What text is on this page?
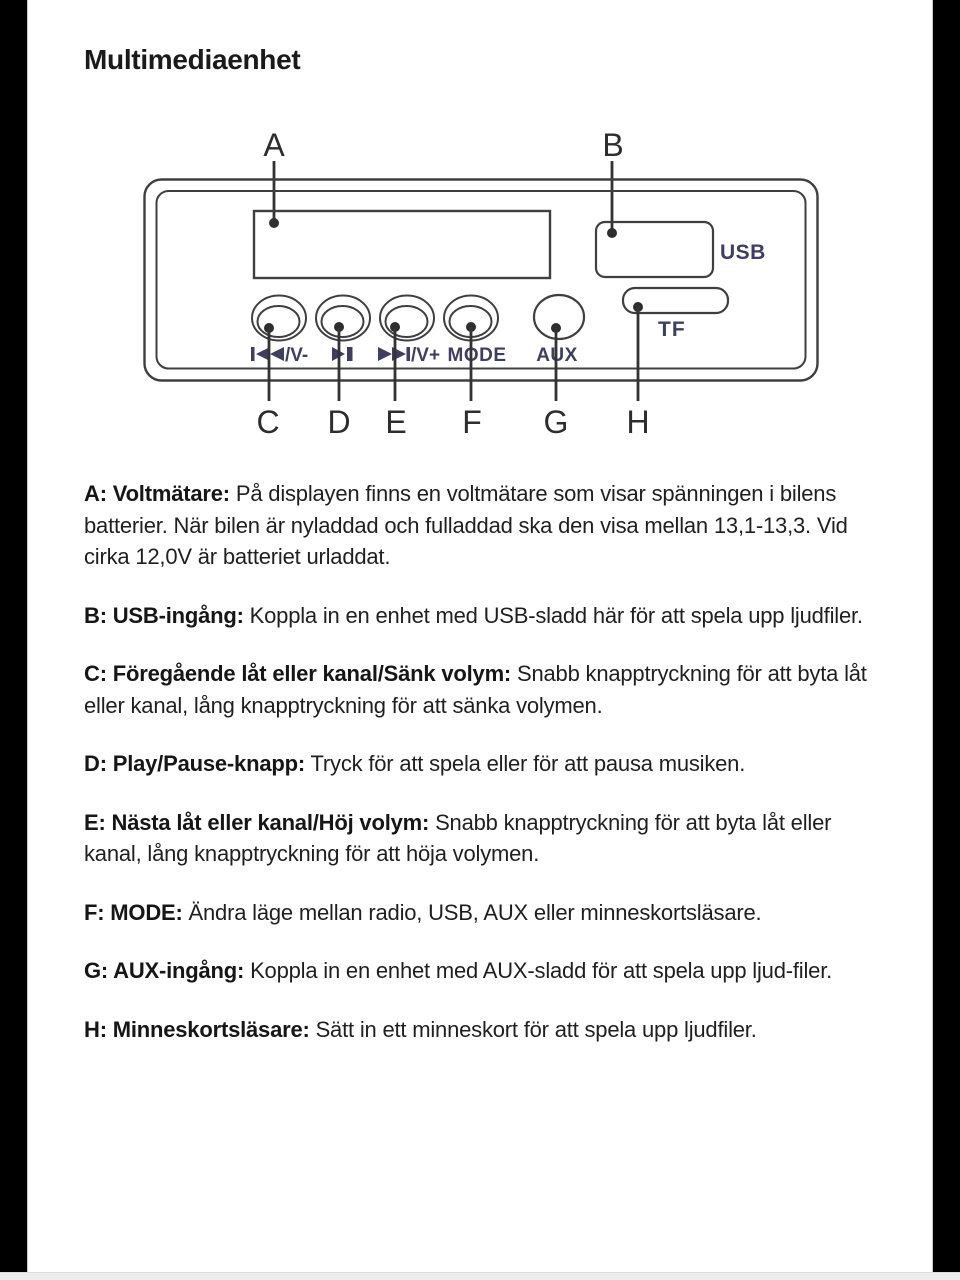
Multimediaenhet
A	B
USB
TF
/V-	/V+ MODE AUX
C D E F G H

A: Voltmätare: På displayen finns en voltmätare som visar spänningen i bilens batterier. När bilen är nyladdad och fulladdad ska den visa mellan 13,1-13,3. Vid cirka 12,0V är batteriet urladdat.

B: USB-ingång: Koppla in en enhet med USB-sladd här för att spela upp ljudfiler.

C: Föregående låt eller kanal/Sänk volym: Snabb knapptryckning för att byta låt eller kanal, lång knapptryckning för att sänka volymen.

D: Play/Pause-knapp: Tryck för att spela eller för att pausa musiken.

E: Nästa låt eller kanal/Höj volym: Snabb knapptryckning för att byta låt eller kanal, lång knapptryckning för att höja volymen.

F: MODE: Ändra läge mellan radio, USB, AUX eller minneskortsläsare.

G: AUX-ingång: Koppla in en enhet med AUX-sladd för att spela upp ljud-filer.

H: Minneskortsläsare: Sätt in ett minneskort för att spela upp ljudfiler.
